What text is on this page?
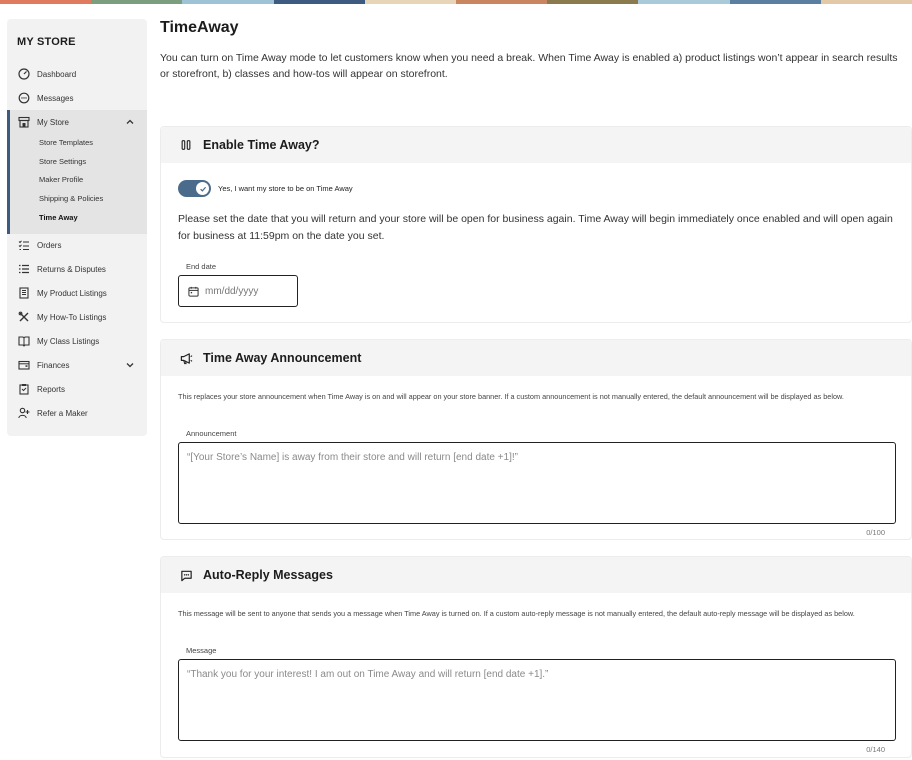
MY STORE
Dashboard
Messages
My Store
Store Templates
Store Settings
Maker Profile
Shipping & Policies
Time Away
Orders
Returns & Disputes
My Product Listings
My How-To Listings
My Class Listings
Finances
Reports
Refer a Maker
TimeAway

You can turn on Time Away mode to let customers know when you need a break. When Time Away is enabled a) product listings won’t appear in search results or storefront, b) classes and how-tos will appear on storefront.

Enable Time Away?
Yes, I want my store to be on Time Away

Please set the date that you will return and your store will be open for business again. Time Away will begin immediately once enabled and will open again for business at 11:59pm on the date you set.

End date
mm/dd/yyyy
Time Away Announcement

This replaces your store announcement when Time Away is on and will appear on your store banner. If a custom announcement is not manually entered, the default announcement will be displayed as below.

Announcement
“[Your Store’s Name] is away from their store and will return [end date +1]!”
0/100
Auto-Reply Messages

This message will be sent to anyone that sends you a message when Time Away is turned on. If a custom auto-reply message is not manually entered, the default auto-reply message will be displayed as below.

Message
“Thank you for your interest! I am out on Time Away and will return [end date +1].”
0/140
